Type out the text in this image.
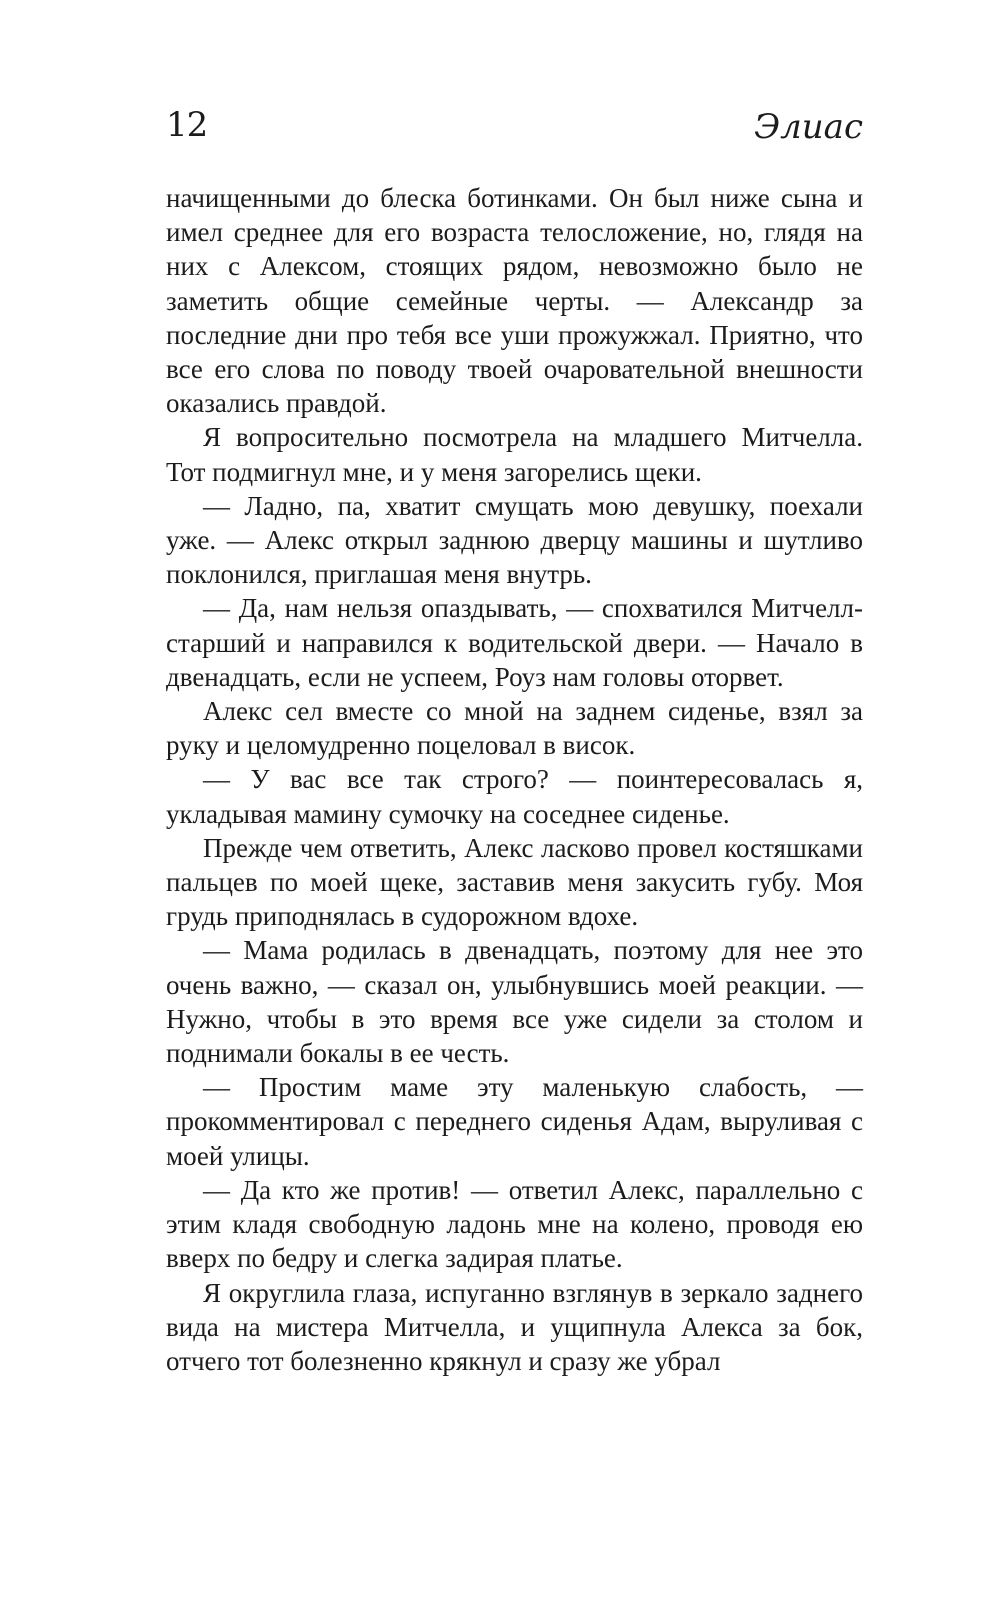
12	Элиас

начищенными до блеска ботинками. Он был ниже сына и имел среднее для его возраста телосложение, но, глядя на них с Алексом, стоящих рядом, невозможно было не заметить общие семейные черты. — Александр за последние дни про тебя все уши прожужжал. Приятно, что все его слова по поводу твоей очаровательной внешности оказались правдой.

Я вопросительно посмотрела на младшего Митчелла. Тот подмигнул мне, и у меня загорелись щеки.

— Ладно, па, хватит смущать мою девушку, поехали уже. — Алекс открыл заднюю дверцу машины и шутливо поклонился, приглашая меня внутрь.

— Да, нам нельзя опаздывать, — спохватился Митчелл-старший и направился к водительской двери. — Начало в двенадцать, если не успеем, Роуз нам головы оторвет.

Алекс сел вместе со мной на заднем сиденье, взял за руку и целомудренно поцеловал в висок.

— У вас все так строго? — поинтересовалась я, укладывая мамину сумочку на соседнее сиденье.

Прежде чем ответить, Алекс ласково провел костяшками пальцев по моей щеке, заставив меня закусить губу. Моя грудь приподнялась в судорожном вдохе.

— Мама родилась в двенадцать, поэтому для нее это очень важно, — сказал он, улыбнувшись моей реакции. — Нужно, чтобы в это время все уже сидели за столом и поднимали бокалы в ее честь.

— Простим маме эту маленькую слабость, — прокомментировал с переднего сиденья Адам, выруливая с моей улицы.

— Да кто же против! — ответил Алекс, параллельно с этим кладя свободную ладонь мне на колено, проводя ею вверх по бедру и слегка задирая платье.

Я округлила глаза, испуганно взглянув в зеркало заднего вида на мистера Митчелла, и ущипнула Алекса за бок, отчего тот болезненно крякнул и сразу же убрал
